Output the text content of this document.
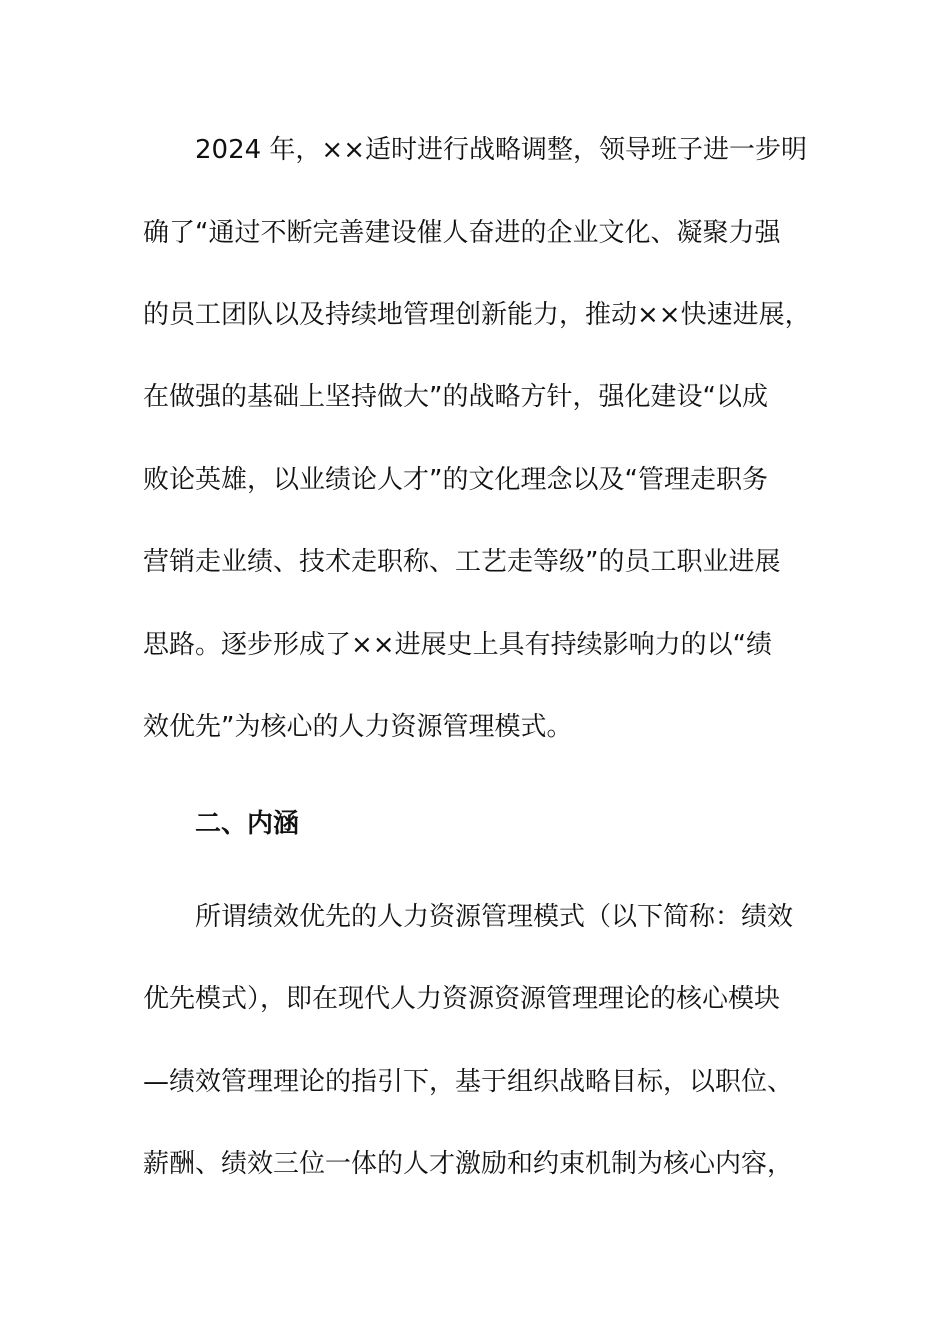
2024 年，××适时进行战略调整，领导班子进一步明
确了“通过不断完善建设催人奋进的企业文化、凝聚力强
的员工团队以及持续地管理创新能力，推动××快速进展，
在做强的基础上坚持做大”的战略方针，强化建设“以成
败论英雄，以业绩论人才”的文化理念以及“管理走职务
营销走业绩、技术走职称、工艺走等级”的员工职业进展
思路。逐步形成了××进展史上具有持续影响力的以“绩
效优先”为核心的人力资源管理模式。
二、内涵
所谓绩效优先的人力资源管理模式（以下简称：绩效
优先模式），即在现代人力资源资源管理理论的核心模块
—绩效管理理论的指引下，基于组织战略目标，以职位、
薪酬、绩效三位一体的人才激励和约束机制为核心内容，
